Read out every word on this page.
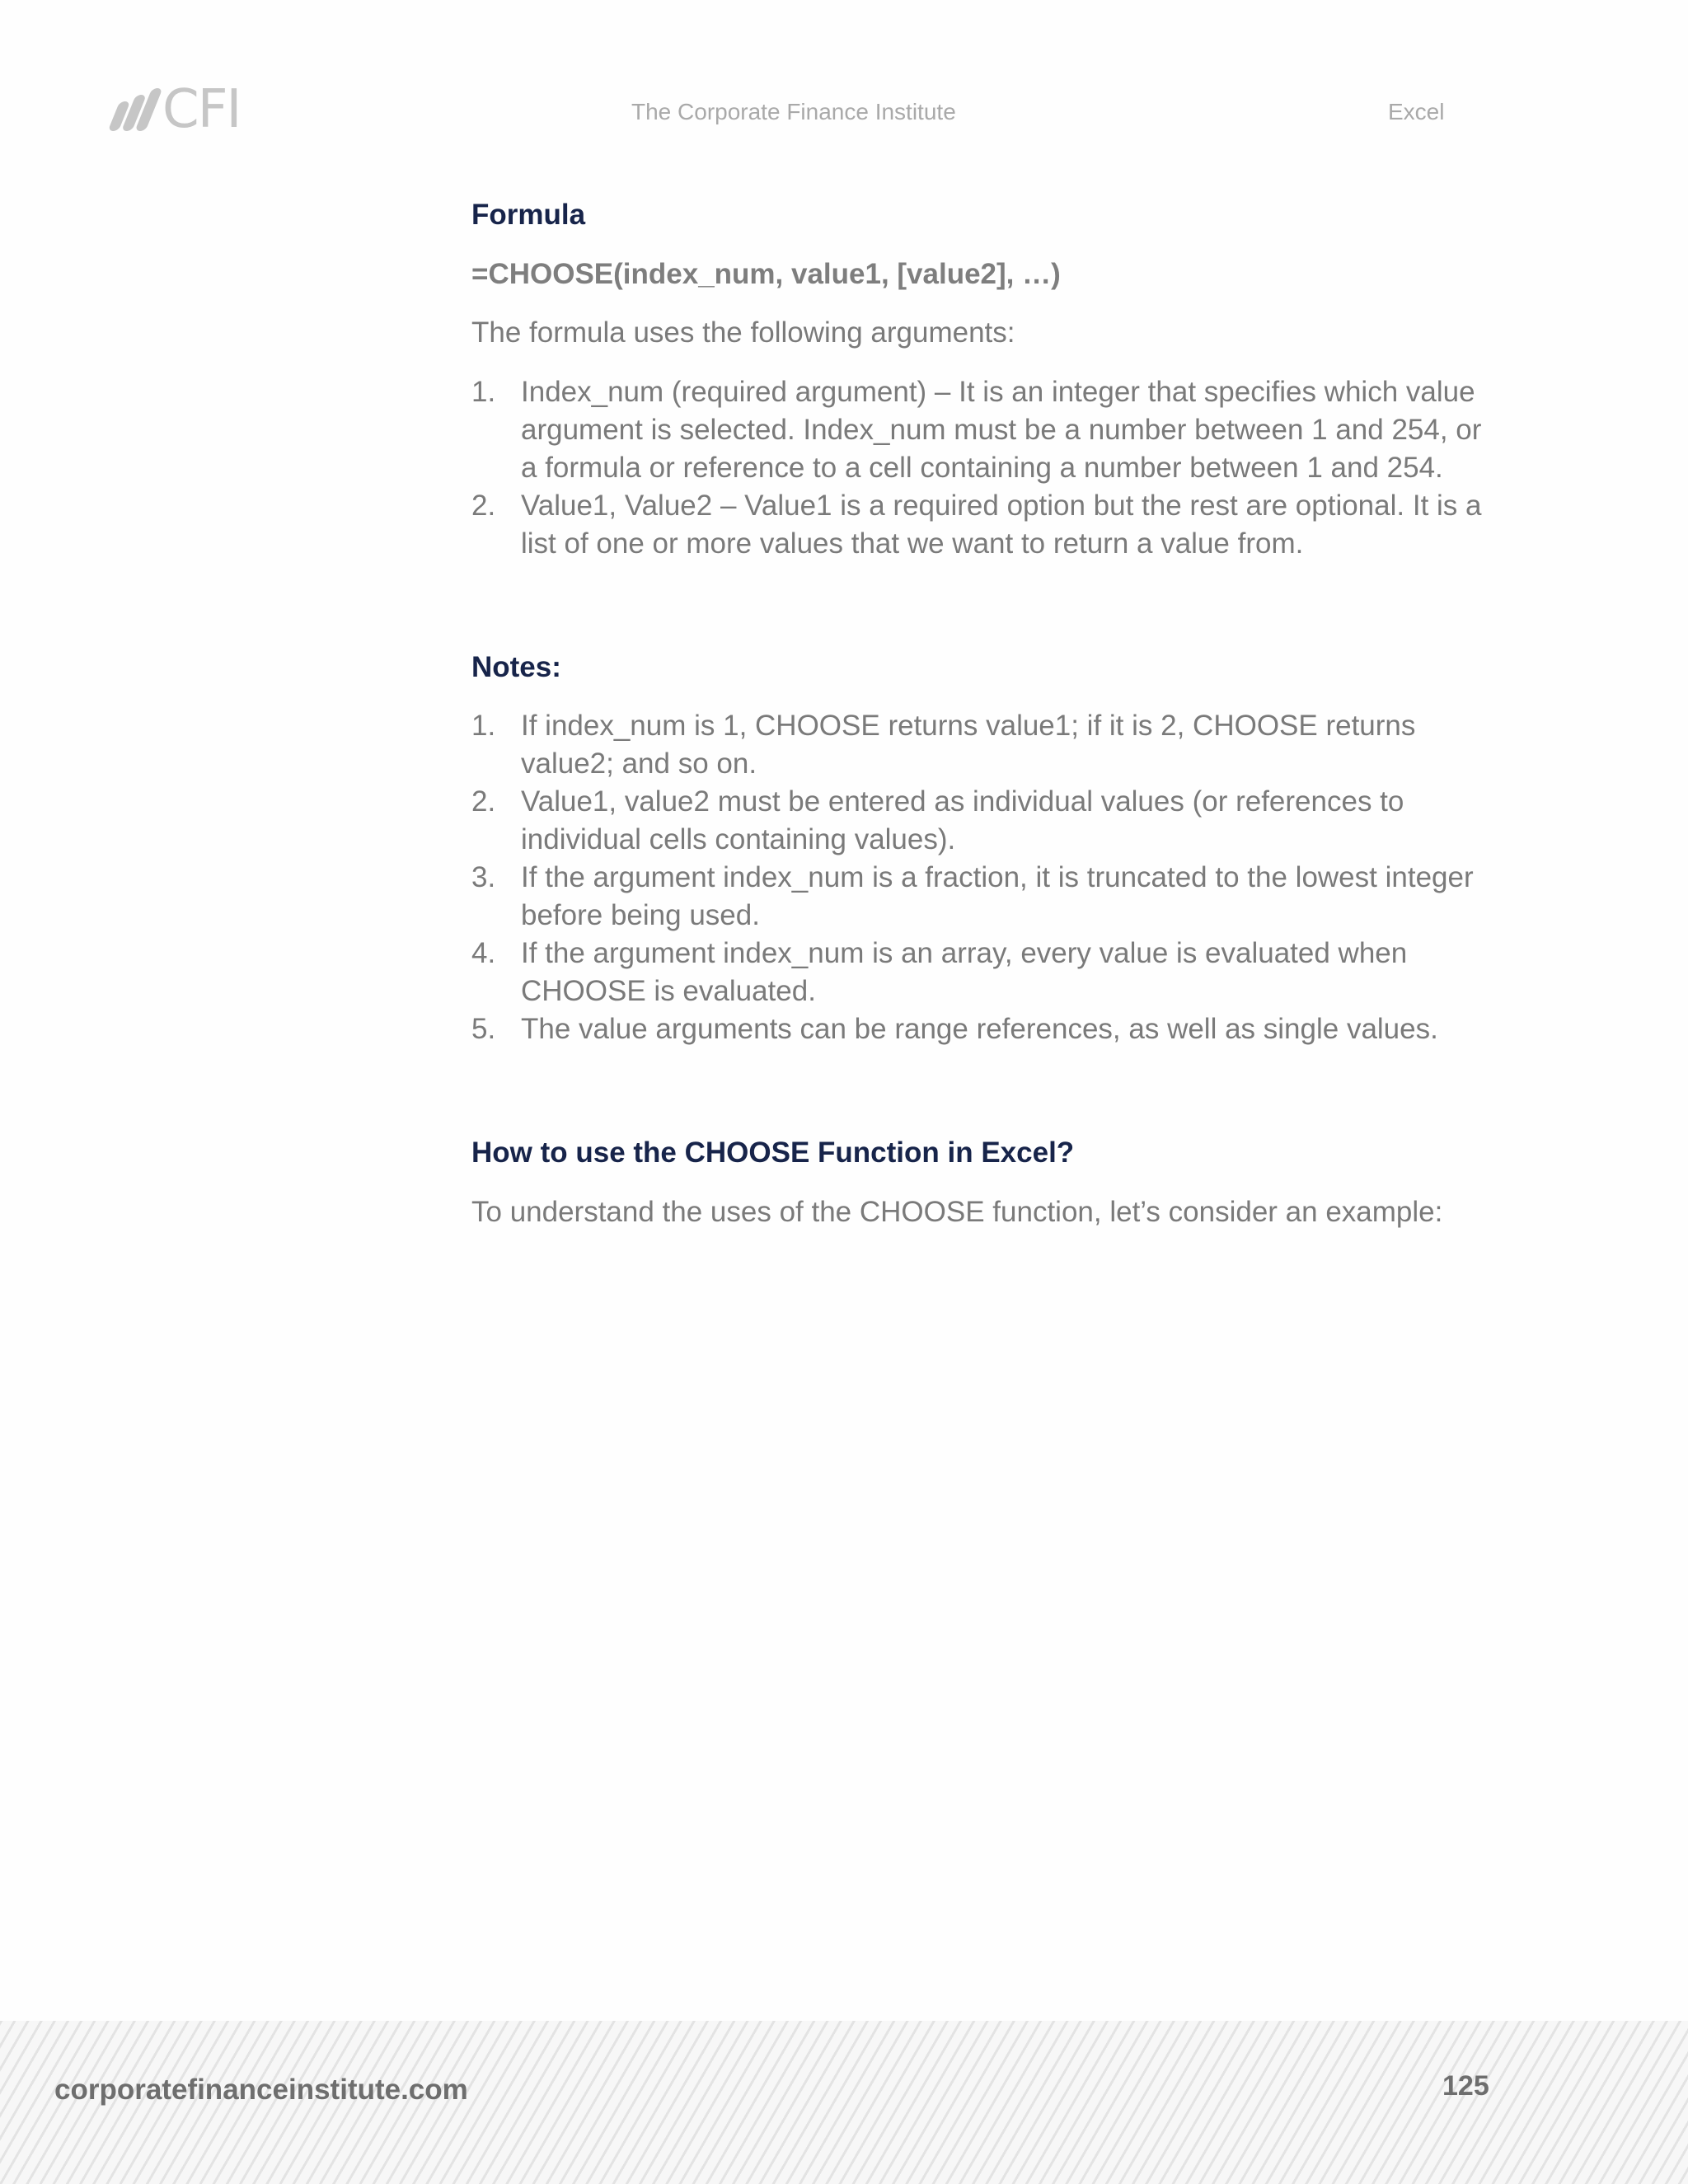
CFI	The Corporate Finance Institute	Excel
Formula
=CHOOSE(index_num, value1, [value2], …)

The formula uses the following arguments:

1. Index_num (required argument) – It is an integer that specifies which value argument is selected. Index_num must be a number between 1 and 254, or a formula or reference to a cell containing a number between 1 and 254.
2. Value1, Value2 – Value1 is a required option but the rest are optional. It is a list of one or more values that we want to return a value from.
Notes:
1. If index_num is 1, CHOOSE returns value1; if it is 2, CHOOSE returns value2; and so on.
2. Value1, value2 must be entered as individual values (or references to individual cells containing values).
3. If the argument index_num is a fraction, it is truncated to the lowest integer before being used.
4. If the argument index_num is an array, every value is evaluated when CHOOSE is evaluated.
5. The value arguments can be range references, as well as single values.
How to use the CHOOSE Function in Excel?

To understand the uses of the CHOOSE function, let’s consider an example:

corporatefinanceinstitute.com	125
